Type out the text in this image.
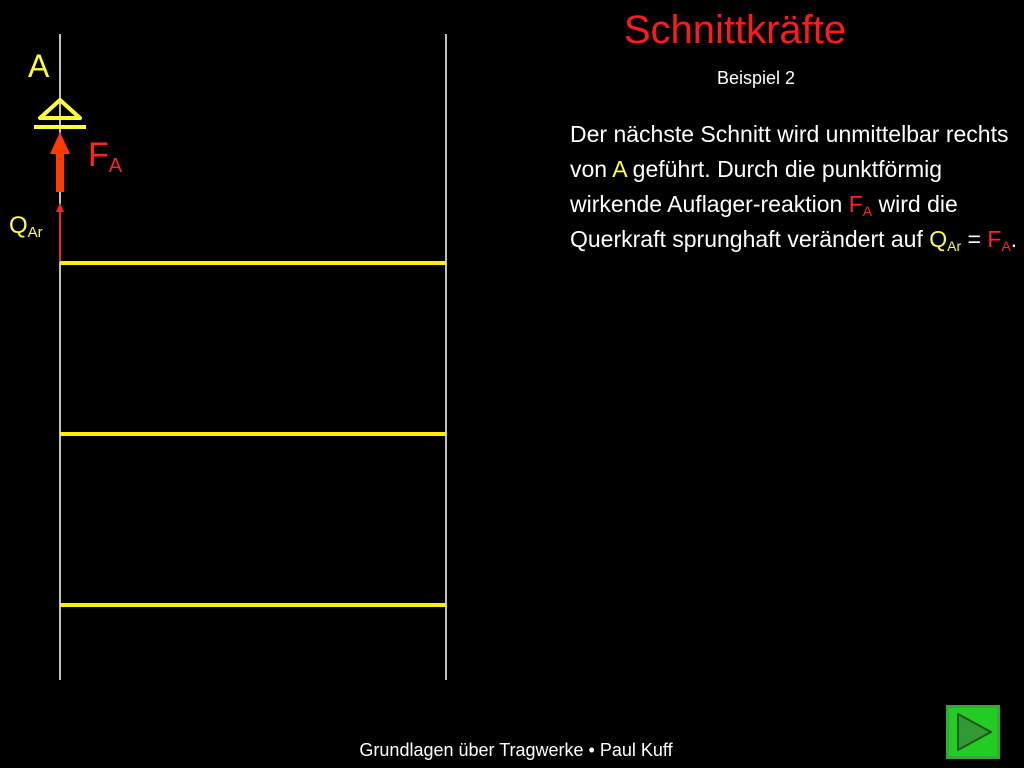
A
$F_A$
$Q_{Ar}$
Schnittkräfte
Beispiel 2
Der nächste Schnitt wird unmittelbar rechts von A geführt. Durch die punktförmig wirkende Auflager-reaktion $F_A$ wird die Querkraft sprunghaft verändert auf $Q_{Ar} = F_A$.
Grundlagen über Tragwerke • Paul Kuff
